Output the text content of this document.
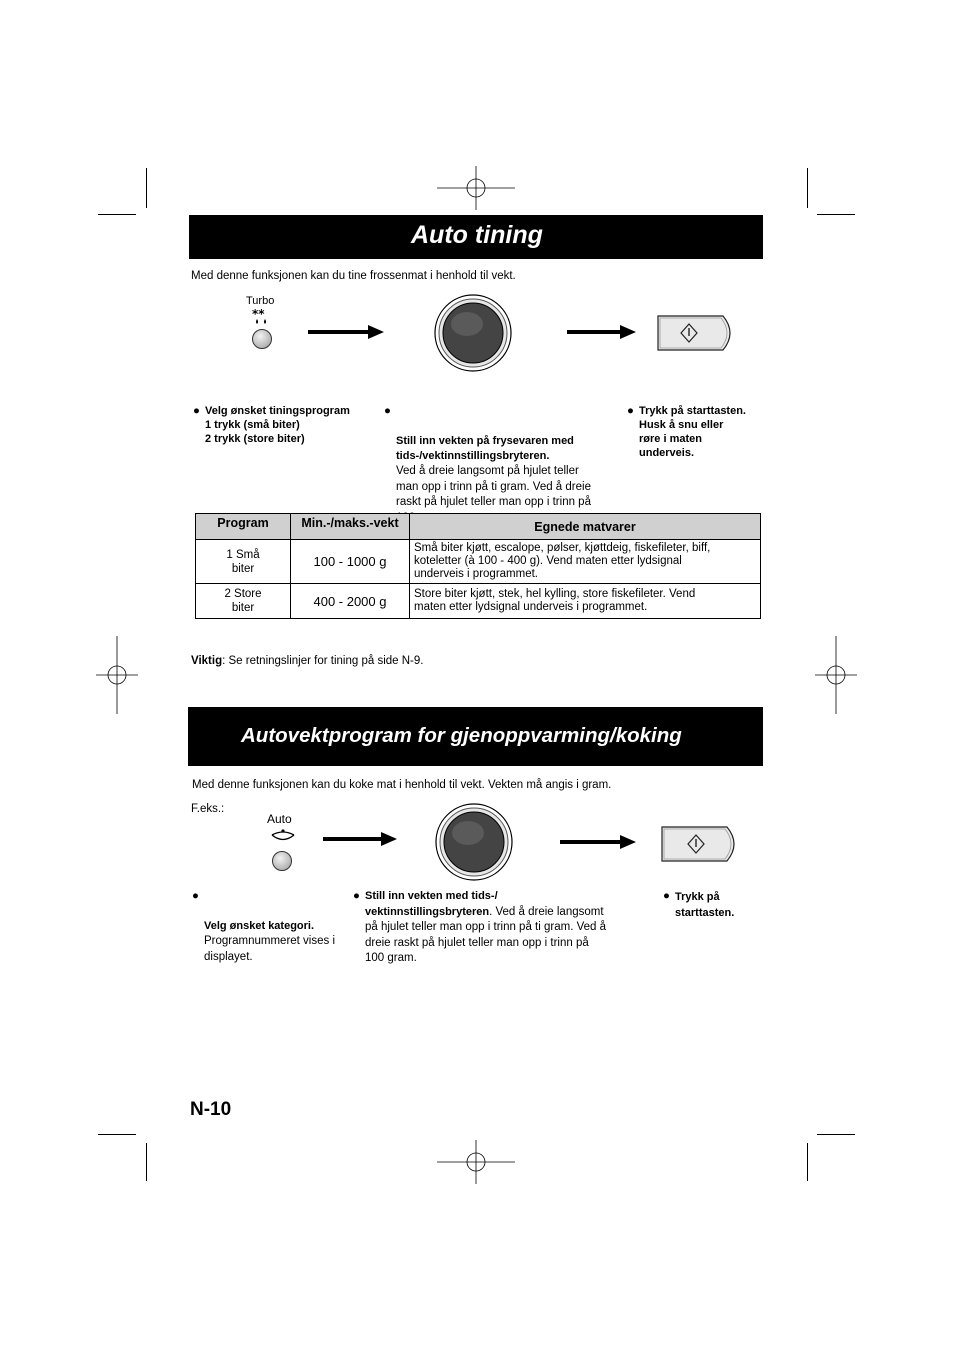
Auto tining
Med denne funksjonen kan du tine frossenmat i henhold til vekt.
Turbo
**
● Velg ønsket tiningsprogram
1 trykk (små biter)
2 trykk (store biter)
●

Still inn vekten på frysevaren med
tids-/vektinnstillingsbryteren.
Ved å dreie langsomt på hjulet teller
man opp i trinn på ti gram. Ved å dreie
raskt på hjulet teller man opp i trinn på

● Trykk på starttasten.
Husk å snu eller
røre i maten
underveis.
Program	Min.-/maks.-vekt	Egnede matvarer
1 Små
biter	100 - 1000 g	Små biter kjøtt, escalope, pølser, kjøttdeig, fiskefileter, biff,
koteletter (à 100 - 400 g). Vend maten etter lydsignal
underveis i programmet.
2 Store
biter	400 - 2000 g	Store biter kjøtt, stek, hel kylling, store fiskefileter. Vend
maten etter lydsignal underveis i programmet.
Viktig: Se retningslinjer for tining på side N-9.
Autovektprogram for gjenoppvarming/koking
Med denne funksjonen kan du koke mat i henhold til vekt. Vekten må angis i gram.
F.eks.:
Auto
●

Velg ønsket kategori.
Programnummeret vises i
displayet.
● Still inn vekten med tids-/
vektinnstillingsbryteren. Ved å dreie langsomt
på hjulet teller man opp i trinn på ti gram. Ved å
dreie raskt på hjulet teller man opp i trinn på
100 gram.
● Trykk på
starttasten.
N-10
